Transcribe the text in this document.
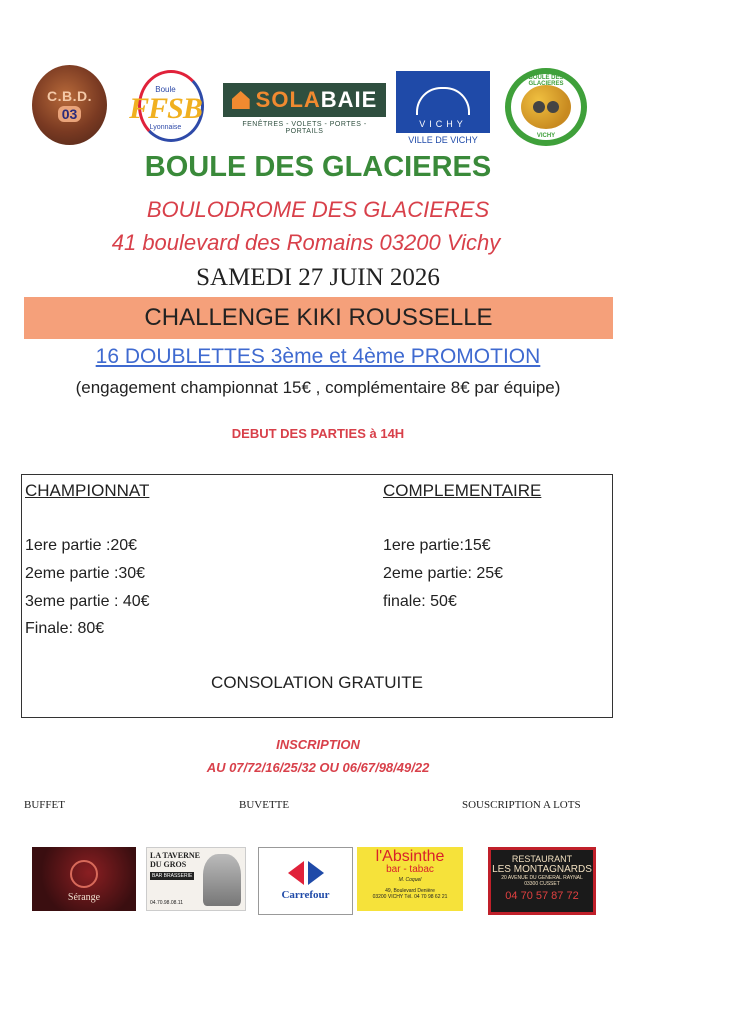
C.B.D.
03
Boule
FFSB
Lyonnaise
SOLABAIE
FENÊTRES - VOLETS - PORTES - PORTAILS
VICHY
VILLE DE VICHY
BOULE DES GLACIERES
VICHY
BOULE DES GLACIERES
BOULODROME DES GLACIERES
41 boulevard des Romains 03200 Vichy
SAMEDI 27 JUIN 2026
CHALLENGE KIKI ROUSSELLE
16 DOUBLETTES 3ème et 4ème PROMOTION
(engagement championnat 15€ , complémentaire 8€ par équipe)
DEBUT DES PARTIES à 14H
CHAMPIONNAT
1ere partie :20€
2eme partie :30€
3eme partie : 40€
Finale: 80€
COMPLEMENTAIRE
1ere partie:15€
2eme partie: 25€
finale: 50€
CONSOLATION GRATUITE
INSCRIPTION
AU 07/72/16/25/32 OU 06/67/98/49/22
BUFFET	BUVETTE	SOUSCRIPTION A LOTS
Sérange
LA TAVERNE DU GROS
BAR BRASSERIE
04.70.98.08.11
Carrefour
l'Absinthe
bar - tabac
M. Coquel
49, Boulevard Denière
03200 VICHY Tél. 04 70 98 62 21
RESTAURANT
LES MONTAGNARDS
20 AVENUE DU GENERAL RAYNAL
03300 CUSSET
04 70 57 87 72
